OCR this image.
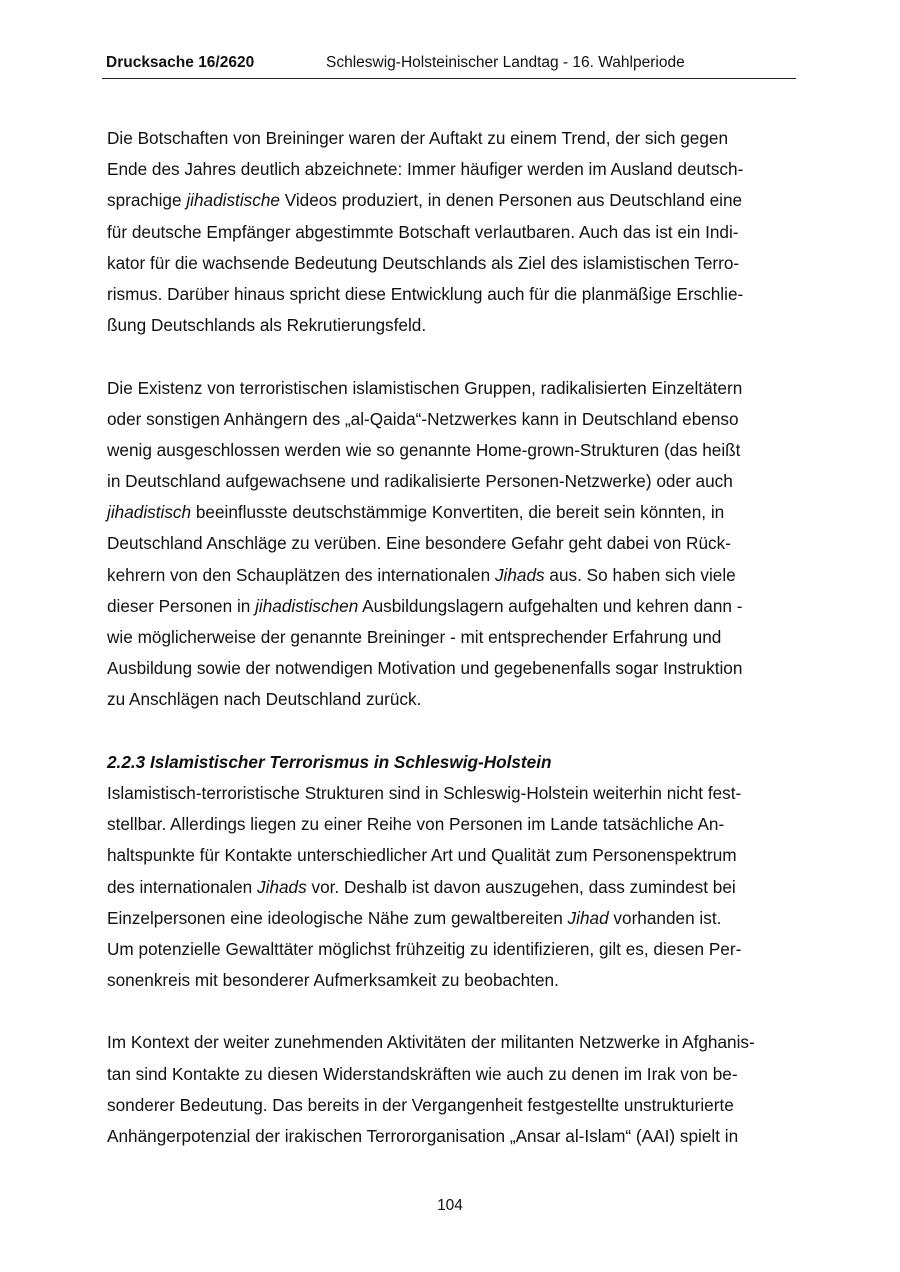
Drucksache 16/2620	Schleswig-Holsteinischer Landtag - 16. Wahlperiode
Die Botschaften von Breininger waren der Auftakt zu einem Trend, der sich gegen
Ende des Jahres deutlich abzeichnete: Immer häufiger werden im Ausland deutsch-
sprachige jihadistische Videos produziert, in denen Personen aus Deutschland eine
für deutsche Empfänger abgestimmte Botschaft verlautbaren. Auch das ist ein Indi-
kator für die wachsende Bedeutung Deutschlands als Ziel des islamistischen Terro-
rismus. Darüber hinaus spricht diese Entwicklung auch für die planmäßige Erschlie-
ßung Deutschlands als Rekrutierungsfeld.
Die Existenz von terroristischen islamistischen Gruppen, radikalisierten Einzeltätern
oder sonstigen Anhängern des „al-Qaida“-Netzwerkes kann in Deutschland ebenso
wenig ausgeschlossen werden wie so genannte Home-grown-Strukturen (das heißt
in Deutschland aufgewachsene und radikalisierte Personen-Netzwerke) oder auch
jihadistisch beeinflusste deutschstämmige Konvertiten, die bereit sein könnten, in
Deutschland Anschläge zu verüben. Eine besondere Gefahr geht dabei von Rück-
kehrern von den Schauplätzen des internationalen Jihads aus. So haben sich viele
dieser Personen in jihadistischen Ausbildungslagern aufgehalten und kehren dann -
wie möglicherweise der genannte Breininger - mit entsprechender Erfahrung und
Ausbildung sowie der notwendigen Motivation und gegebenenfalls sogar Instruktion
zu Anschlägen nach Deutschland zurück.
2.2.3 Islamistischer Terrorismus in Schleswig-Holstein
Islamistisch-terroristische Strukturen sind in Schleswig-Holstein weiterhin nicht fest-
stellbar. Allerdings liegen zu einer Reihe von Personen im Lande tatsächliche An-
haltspunkte für Kontakte unterschiedlicher Art und Qualität zum Personenspektrum
des internationalen Jihads vor. Deshalb ist davon auszugehen, dass zumindest bei
Einzelpersonen eine ideologische Nähe zum gewaltbereiten Jihad vorhanden ist.
Um potenzielle Gewalttäter möglichst frühzeitig zu identifizieren, gilt es, diesen Per-
sonenkreis mit besonderer Aufmerksamkeit zu beobachten.
Im Kontext der weiter zunehmenden Aktivitäten der militanten Netzwerke in Afghanis-
tan sind Kontakte zu diesen Widerstandskräften wie auch zu denen im Irak von be-
sonderer Bedeutung. Das bereits in der Vergangenheit festgestellte unstrukturierte
Anhängerpotenzial der irakischen Terrororganisation „Ansar al-Islam“ (AAI) spielt in
104
